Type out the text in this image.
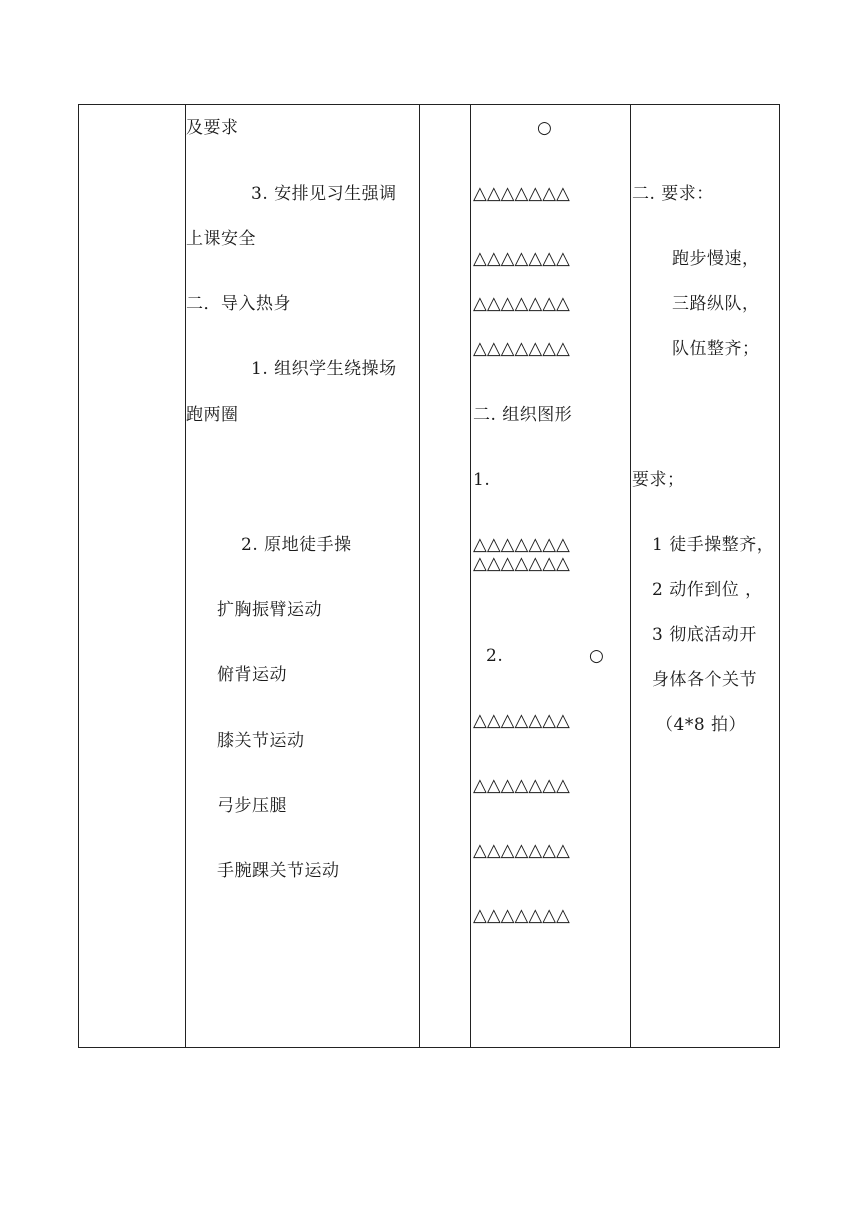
及要求
3. 安排见习生强调
上课安全
二．导入热身
1. 组织学生绕操场
跑两圈
2. 原地徒手操
扩胸振臂运动
俯背运动
膝关节运动
弓步压腿
手腕踝关节运动
○
△△△△△△△
△△△△△△△
△△△△△△△
△△△△△△△
二. 组织图形
1.
△△△△△△△
△△△△△△△
2.	○
△△△△△△△
△△△△△△△
△△△△△△△
△△△△△△△
二. 要求：
跑步慢速，
三路纵队，
队伍整齐；
要求；
1 徒手操整齐，
2 动作到位 ，
3 彻底活动开
身体各个关节
（4*8 拍）
